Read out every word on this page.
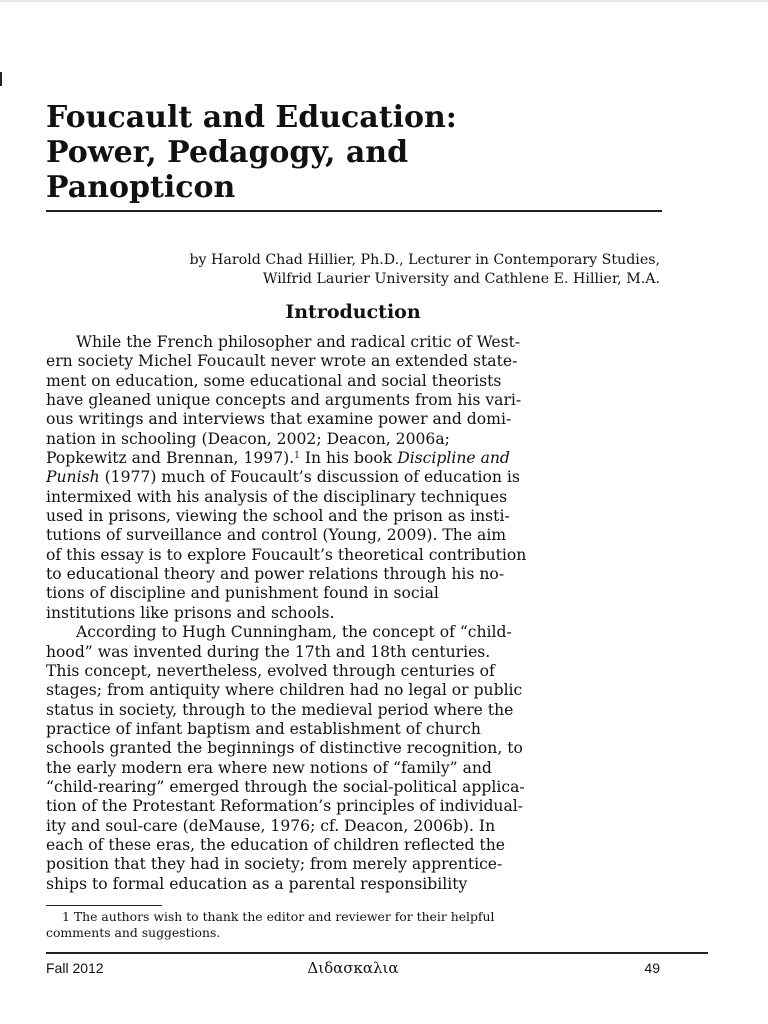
Foucault and Education:
Power, Pedagogy, and
Panopticon
by Harold Chad Hillier, Ph.D., Lecturer in Contemporary Studies,
Wilfrid Laurier University and Cathlene E. Hillier, M.A.
Introduction
While the French philosopher and radical critic of West-
ern society Michel Foucault never wrote an extended state-
ment on education, some educational and social theorists
have gleaned unique concepts and arguments from his vari-
ous writings and interviews that examine power and domi-
nation in schooling (Deacon, 2002; Deacon, 2006a;
Popkewitz and Brennan, 1997).$^1$ In his book Discipline and
Punish (1977) much of Foucault’s discussion of education is
intermixed with his analysis of the disciplinary techniques
used in prisons, viewing the school and the prison as insti-
tutions of surveillance and control (Young, 2009). The aim
of this essay is to explore Foucault’s theoretical contribution
to educational theory and power relations through his no-
tions of discipline and punishment found in social
institutions like prisons and schools.
According to Hugh Cunningham, the concept of “child-
hood” was invented during the 17th and 18th centuries.
This concept, nevertheless, evolved through centuries of
stages; from antiquity where children had no legal or public
status in society, through to the medieval period where the
practice of infant baptism and establishment of church
schools granted the beginnings of distinctive recognition, to
the early modern era where new notions of “family” and
“child-rearing” emerged through the social-political applica-
tion of the Protestant Reformation’s principles of individual-
ity and soul-care (deMause, 1976; cf. Deacon, 2006b). In
each of these eras, the education of children reflected the
position that they had in society; from merely apprentice-
ships to formal education as a parental responsibility
1 The authors wish to thank the editor and reviewer for their helpful
comments and suggestions.
Fall 2012	Διδασκαλια	49
